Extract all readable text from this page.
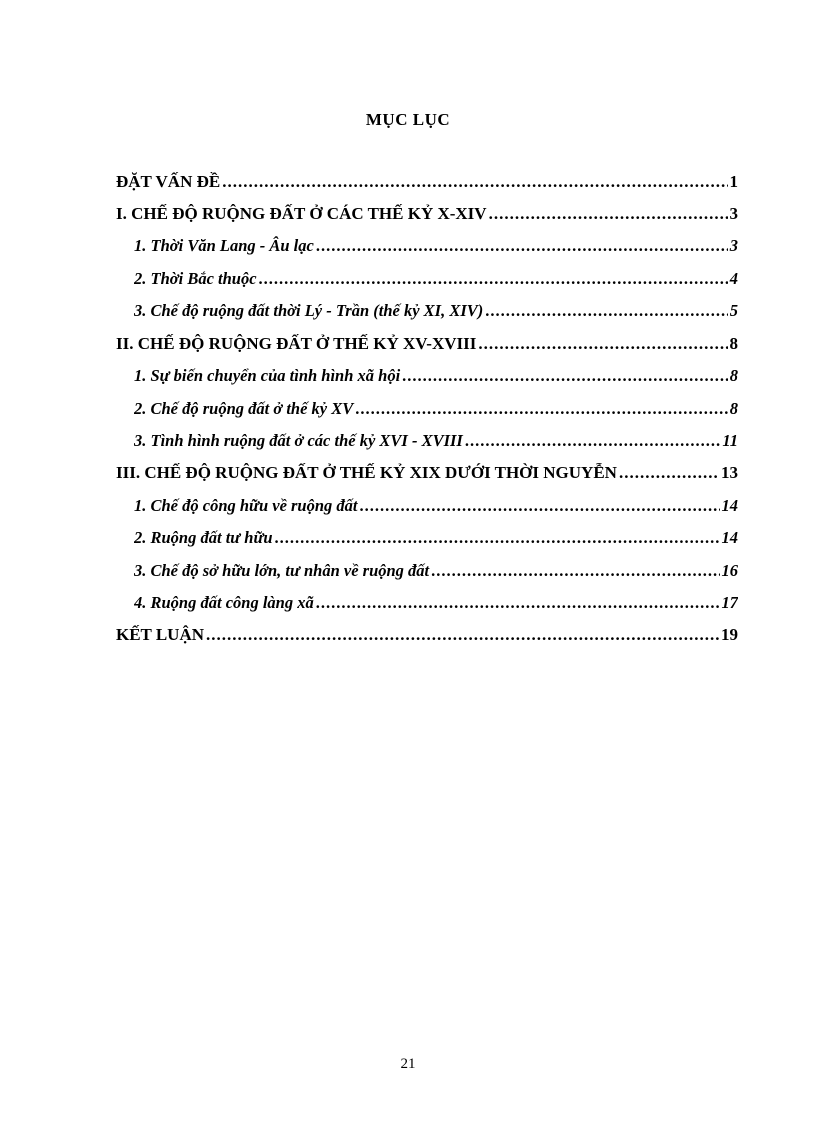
MỤC LỤC
ĐẶT VẤN ĐỀ .....	1
I. CHẾ ĐỘ RUỘNG ĐẤT Ở CÁC THẾ KỶ X-XIV .....	3
1. Thời Văn Lang - Âu lạc .....	3
2. Thời Bắc thuộc .....	4
3. Chế độ ruộng đất thời Lý - Trần (thế kỷ XI, XIV) .....	5
II. CHẾ ĐỘ RUỘNG ĐẤT Ở THẾ KỶ XV-XVIII .....	8
1. Sự biến chuyển của tình hình xã hội .....	8
2. Chế độ ruộng đất ở thế kỷ XV .....	8
3. Tình hình ruộng đất ở các thế kỷ XVI - XVIII .....	11
III. CHẾ ĐỘ RUỘNG ĐẤT Ở THẾ KỶ XIX DƯỚI THỜI NGUYỄN .....	13
1. Chế độ công hữu về ruộng đất .....	14
2. Ruộng đất tư hữu .....	14
3. Chế độ sở hữu lớn, tư nhân về ruộng đất .....	16
4. Ruộng đất công làng xã .....	17
KẾT LUẬN .....	19
21
